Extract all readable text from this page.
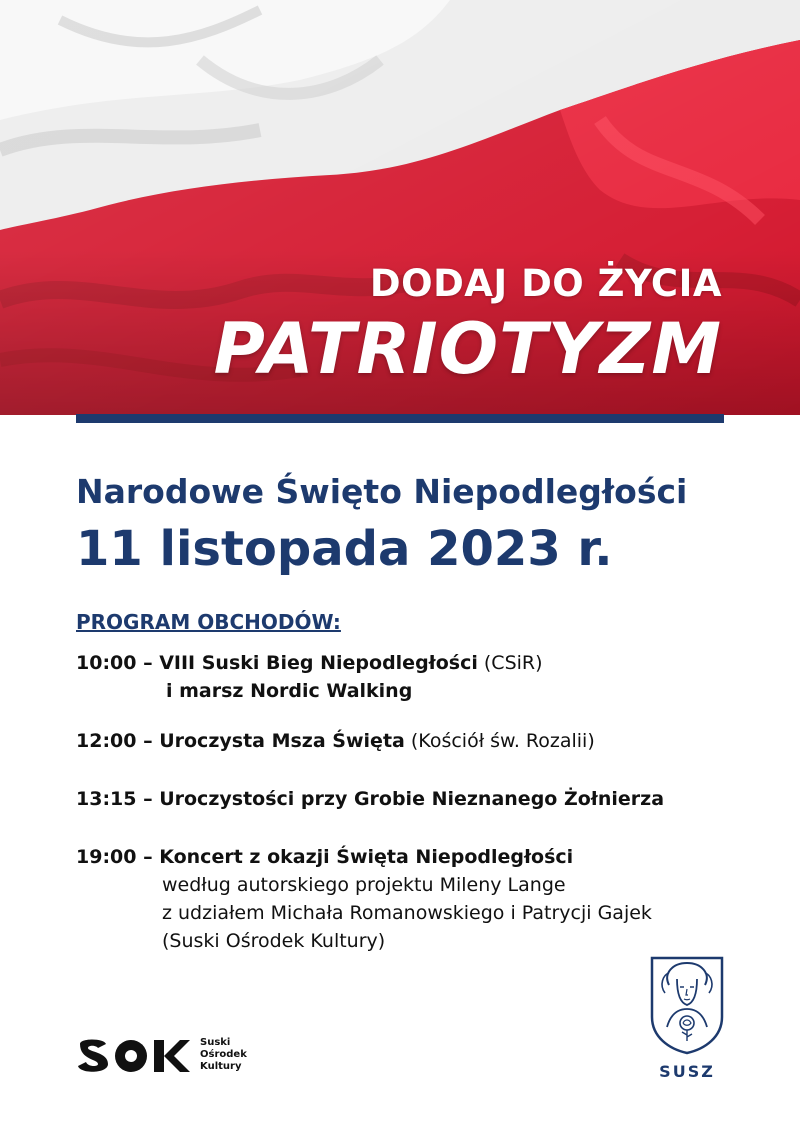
DODAJ DO ŻYCIA
PATRIOTYZM
Narodowe Święto Niepodległości
11 listopada 2023 r.
PROGRAM OBCHODÓW:
10:00 – VIII Suski Bieg Niepodległości (CSiR)
i marsz Nordic Walking
12:00 – Uroczysta Msza Święta (Kościół św. Rozalii)
13:15 – Uroczystości przy Grobie Nieznanego Żołnierza
19:00 – Koncert z okazji Święta Niepodległości
według autorskiego projektu Mileny Lange
z udziałem Michała Romanowskiego i Patrycji Gajek
(Suski Ośrodek Kultury)
Suski
Ośrodek
Kultury	SUSZ
